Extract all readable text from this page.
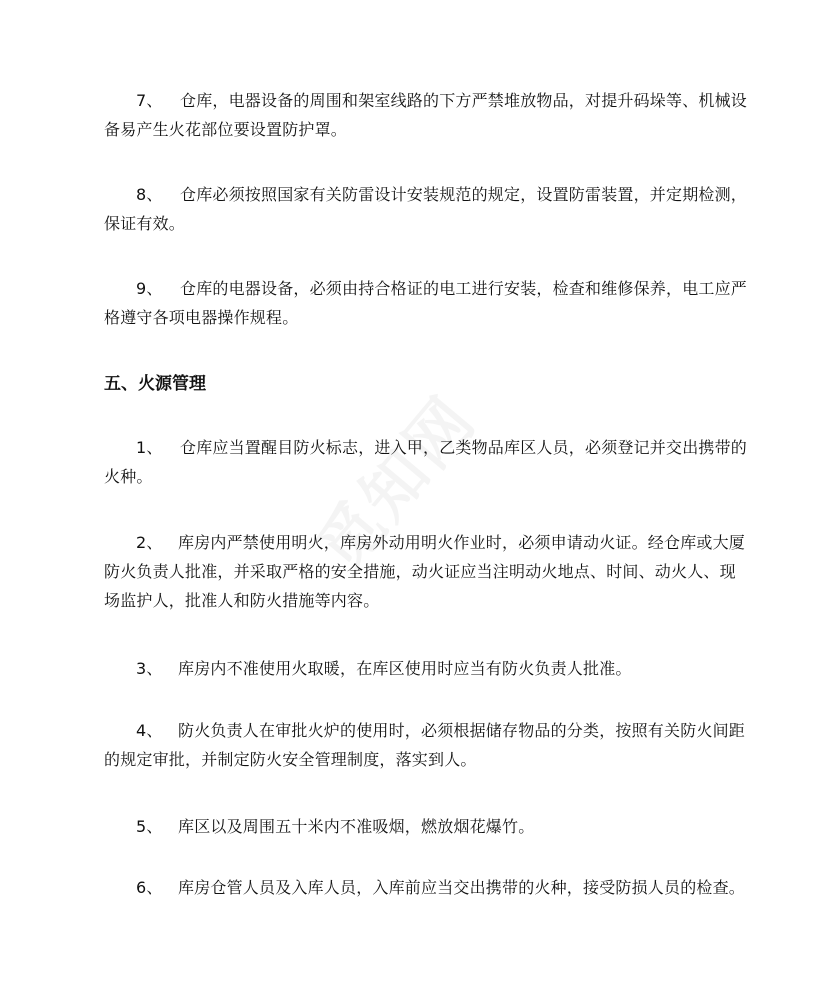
7、 仓库，电器设备的周围和架室线路的下方严禁堆放物品，对提升码垛等、机械设
备易产生火花部位要设置防护罩。
8、 仓库必须按照国家有关防雷设计安装规范的规定，设置防雷装置，并定期检测，
保证有效。
9、 仓库的电器设备，必须由持合格证的电工进行安装，检查和维修保养，电工应严
格遵守各项电器操作规程。
五、火源管理
1、 仓库应当置醒目防火标志，进入甲，乙类物品库区人员，必须登记并交出携带的
火种。
2、 库房内严禁使用明火，库房外动用明火作业时，必须申请动火证。经仓库或大厦
防火负责人批准，并采取严格的安全措施，动火证应当注明动火地点、时间、动火人、现
场监护人，批准人和防火措施等内容。
3、 库房内不准使用火取暖，在库区使用时应当有防火负责人批准。
4、 防火负责人在审批火炉的使用时，必须根据储存物品的分类，按照有关防火间距
的规定审批，并制定防火安全管理制度，落实到人。
5、 库区以及周围五十米内不准吸烟，燃放烟花爆竹。
6、 库房仓管人员及入库人员，入库前应当交出携带的火种，接受防损人员的检查。
